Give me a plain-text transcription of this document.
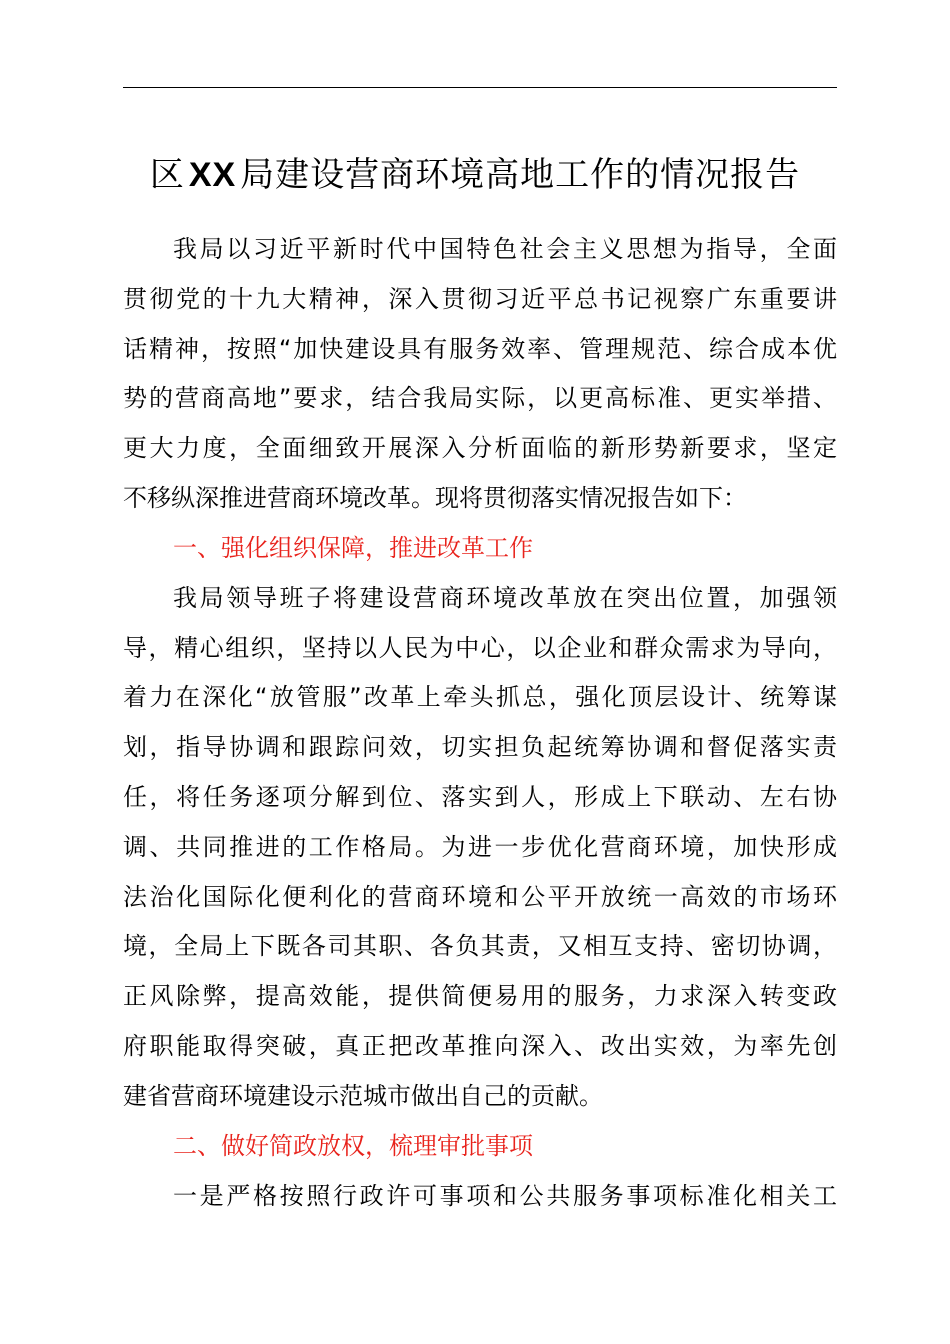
区 XX 局建设营商环境高地工作的情况报告
我局以习近平新时代中国特色社会主义思想为指导，全面
贯彻党的十九大精神，深入贯彻习近平总书记视察广东重要讲
话精神，按照“加快建设具有服务效率、管理规范、综合成本优
势的营商高地”要求，结合我局实际，以更高标准、更实举措、
更大力度，全面细致开展深入分析面临的新形势新要求，坚定
不移纵深推进营商环境改革。现将贯彻落实情况报告如下：
一、强化组织保障，推进改革工作
我局领导班子将建设营商环境改革放在突出位置，加强领
导，精心组织，坚持以人民为中心，以企业和群众需求为导向，
着力在深化“放管服”改革上牵头抓总，强化顶层设计、统筹谋
划，指导协调和跟踪问效，切实担负起统筹协调和督促落实责
任，将任务逐项分解到位、落实到人，形成上下联动、左右协
调、共同推进的工作格局。为进一步优化营商环境，加快形成
法治化国际化便利化的营商环境和公平开放统一高效的市场环
境，全局上下既各司其职、各负其责，又相互支持、密切协调，
正风除弊，提高效能，提供简便易用的服务，力求深入转变政
府职能取得突破，真正把改革推向深入、改出实效，为率先创
建省营商环境建设示范城市做出自己的贡献。
二、做好简政放权，梳理审批事项
一是严格按照行政许可事项和公共服务事项标准化相关工
